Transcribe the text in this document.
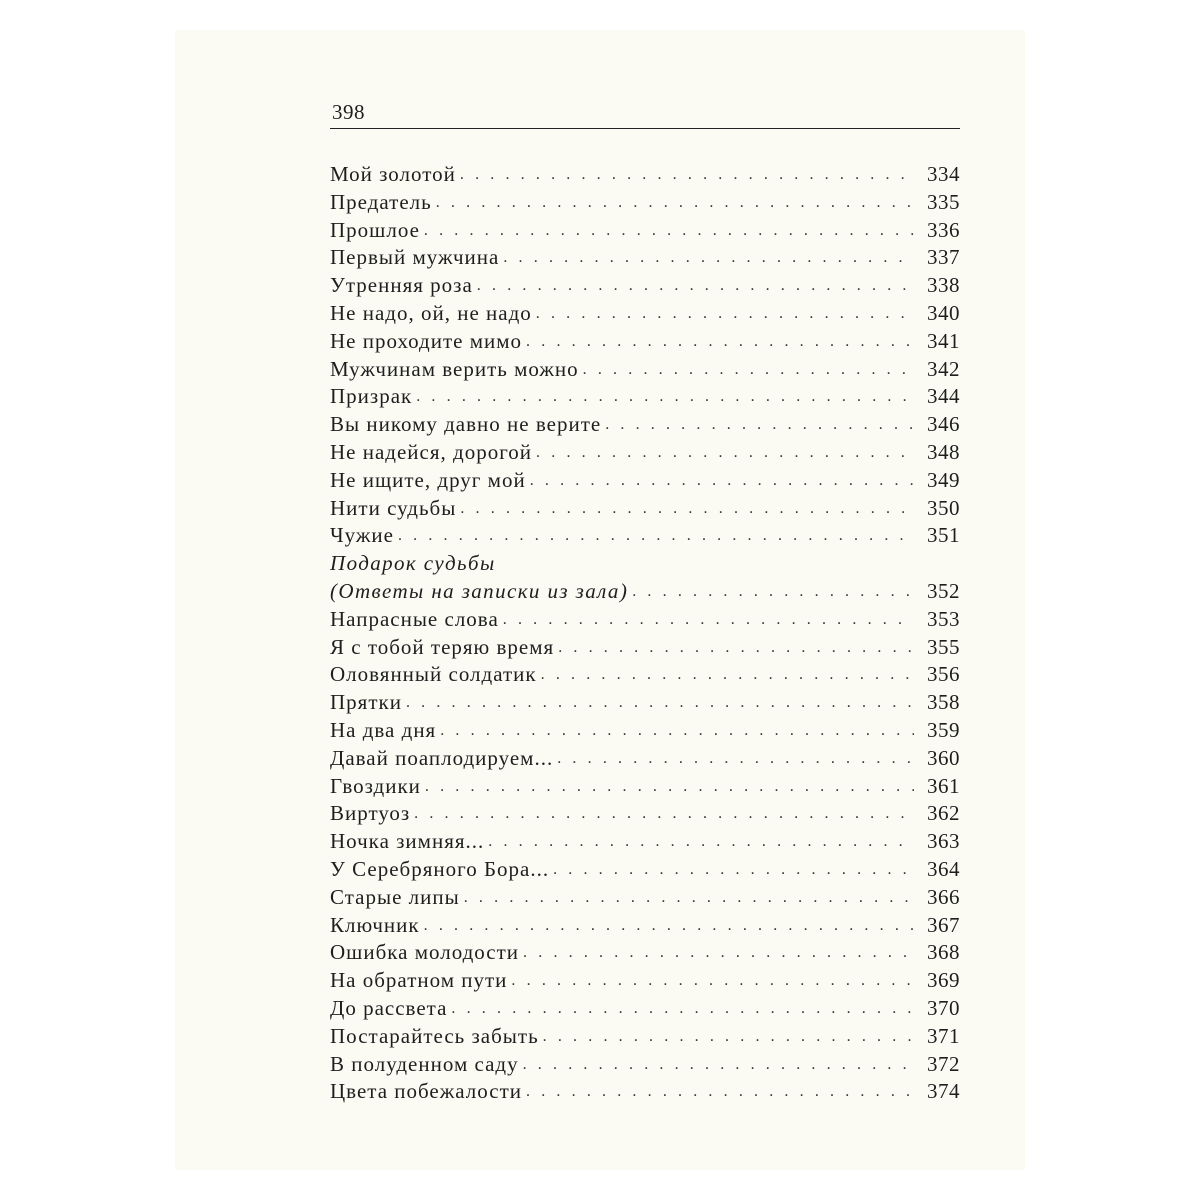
398
Мой золотой . . .	334
Предатель . . .	335
Прошлое . . .	336
Первый мужчина . . .	337
Утренняя роза . . .	338
Не надо, ой, не надо . . .	340
Не проходите мимо . . .	341
Мужчинам верить можно . . .	342
Призрак . . .	344
Вы никому давно не верите . . .	346
Не надейся, дорогой . . .	348
Не ищите, друг мой . . .	349
Нити судьбы . . .	350
Чужие . . .	351
Подарок судьбы
(Ответы на записки из зала) . . .	352
Напрасные слова . . .	353
Я с тобой теряю время . . .	355
Оловянный солдатик . . .	356
Прятки . . .	358
На два дня . . .	359
Давай поаплодируем... . . .	360
Гвоздики . . .	361
Виртуоз . . .	362
Ночка зимняя... . . .	363
У Серебряного Бора... . . .	364
Старые липы . . .	366
Ключник . . .	367
Ошибка молодости . . .	368
На обратном пути . . .	369
До рассвета . . .	370
Постарайтесь забыть . . .	371
В полуденном саду . . .	372
Цвета побежалости . . .	374
